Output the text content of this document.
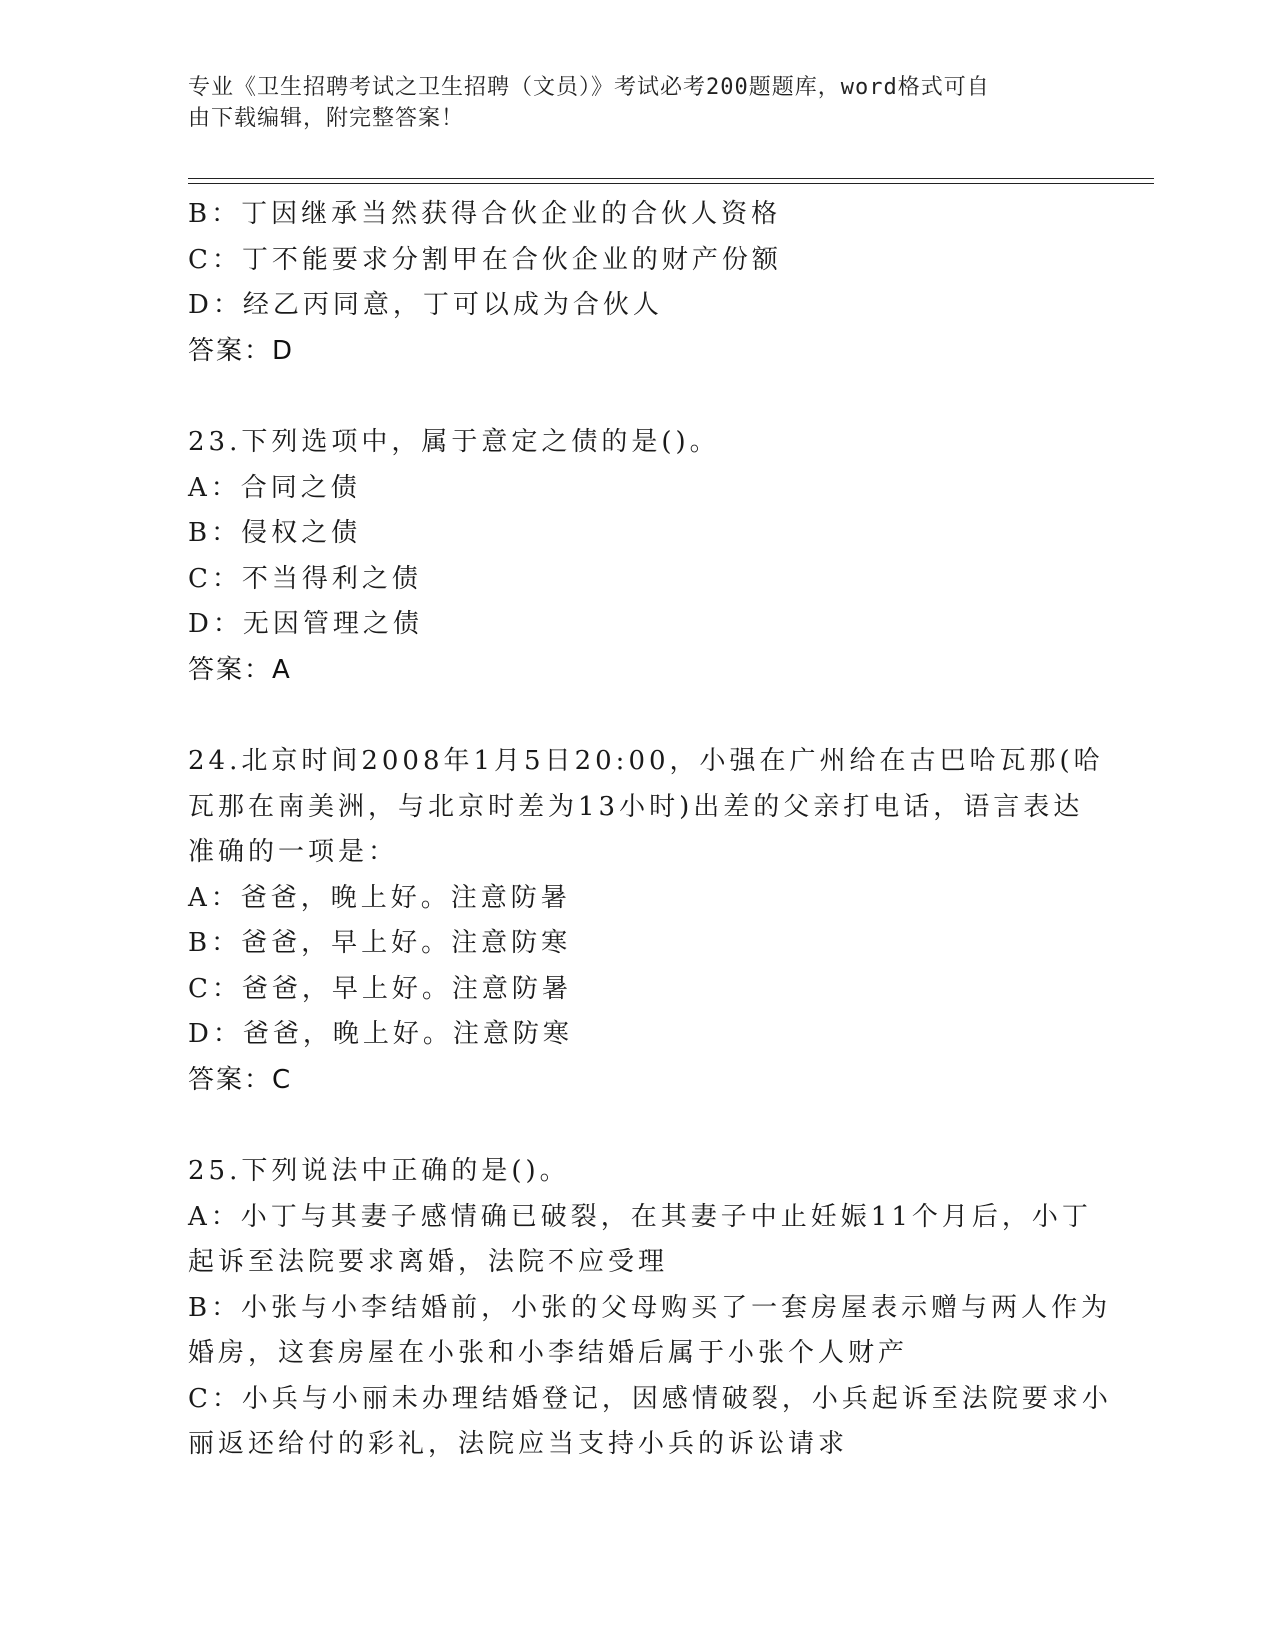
专业《卫生招聘考试之卫生招聘（文员）》考试必考200题题库，word格式可自
由下载编辑，附完整答案！
B：丁因继承当然获得合伙企业的合伙人资格
C：丁不能要求分割甲在合伙企业的财产份额
D：经乙丙同意，丁可以成为合伙人
答案：D
23.下列选项中，属于意定之债的是()。
A：合同之债
B：侵权之债
C：不当得利之债
D：无因管理之债
答案：A
24.北京时间2008年1月5日20:00，小强在广州给在古巴哈瓦那(哈
瓦那在南美洲，与北京时差为13小时)出差的父亲打电话，语言表达
准确的一项是：
A：爸爸，晚上好。注意防暑
B：爸爸，早上好。注意防寒
C：爸爸，早上好。注意防暑
D：爸爸，晚上好。注意防寒
答案：C
25.下列说法中正确的是()。
A：小丁与其妻子感情确已破裂，在其妻子中止妊娠11个月后，小丁
起诉至法院要求离婚，法院不应受理
B：小张与小李结婚前，小张的父母购买了一套房屋表示赠与两人作为
婚房，这套房屋在小张和小李结婚后属于小张个人财产
C：小兵与小丽未办理结婚登记，因感情破裂，小兵起诉至法院要求小
丽返还给付的彩礼，法院应当支持小兵的诉讼请求
